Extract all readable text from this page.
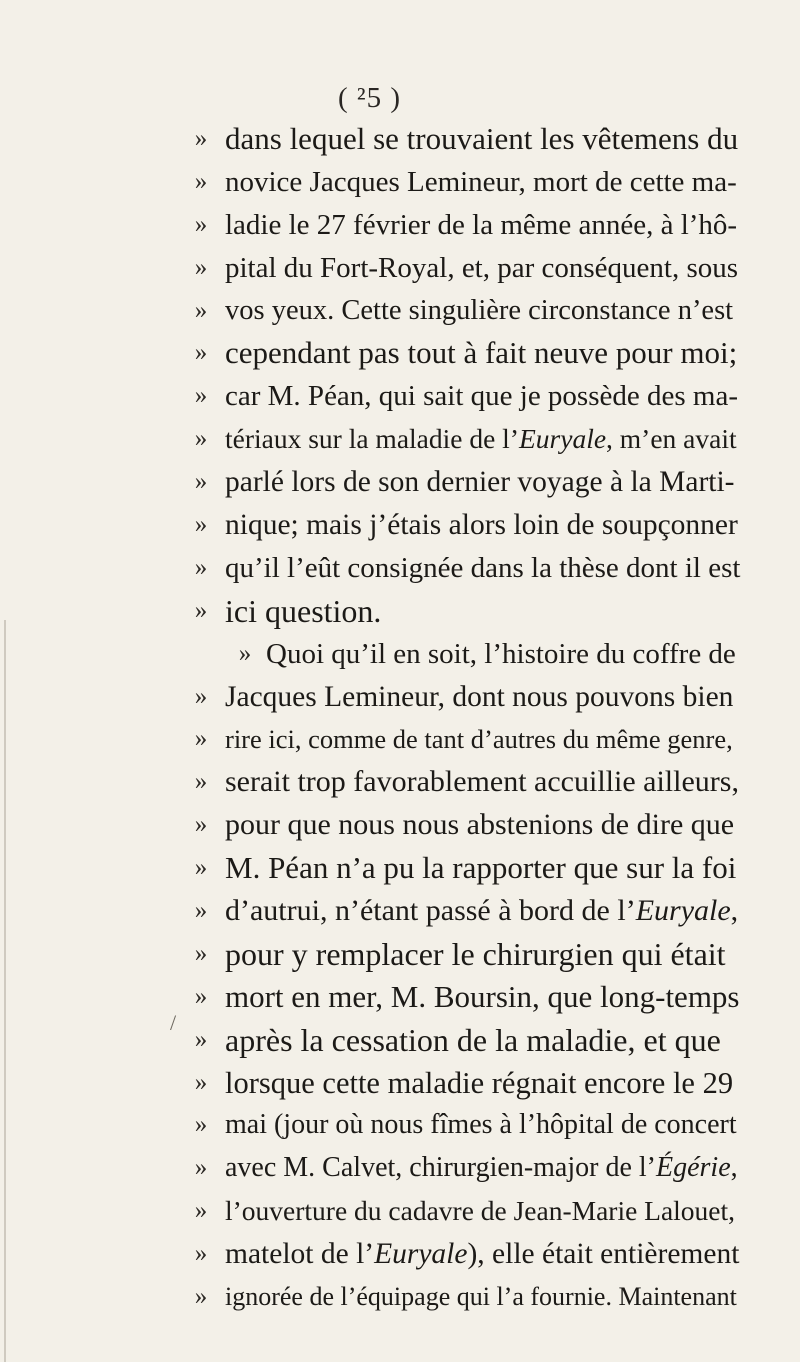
( ²5 )
/
» dans lequel se trouvaient les vêtemens du
» novice Jacques Lemineur, mort de cette ma-
» ladie le 27 février de la même année, à l’hô-
» pital du Fort-Royal, et, par conséquent, sous
» vos yeux. Cette singulière circonstance n’est
» cependant pas tout à fait neuve pour moi;
» car M. Péan, qui sait que je possède des ma-
» tériaux sur la maladie de l’Euryale, m’en avait
» parlé lors de son dernier voyage à la Marti-
» nique; mais j’étais alors loin de soupçonner
» qu’il l’eût consignée dans la thèse dont il est
» ici question.
» Quoi qu’il en soit, l’histoire du coffre de
» Jacques Lemineur, dont nous pouvons bien
» rire ici, comme de tant d’autres du même genre,
» serait trop favorablement accuillie ailleurs,
» pour que nous nous abstenions de dire que
» M. Péan n’a pu la rapporter que sur la foi
» d’autrui, n’étant passé à bord de l’Euryale,
» pour y remplacer le chirurgien qui était
» mort en mer, M. Boursin, que long-temps
» après la cessation de la maladie, et que
» lorsque cette maladie régnait encore le 29
» mai (jour où nous fîmes à l’hôpital de concert
» avec M. Calvet, chirurgien-major de l’Égérie,
» l’ouverture du cadavre de Jean-Marie Lalouet,
» matelot de l’Euryale), elle était entièrement
» ignorée de l’équipage qui l’a fournie. Maintenant
